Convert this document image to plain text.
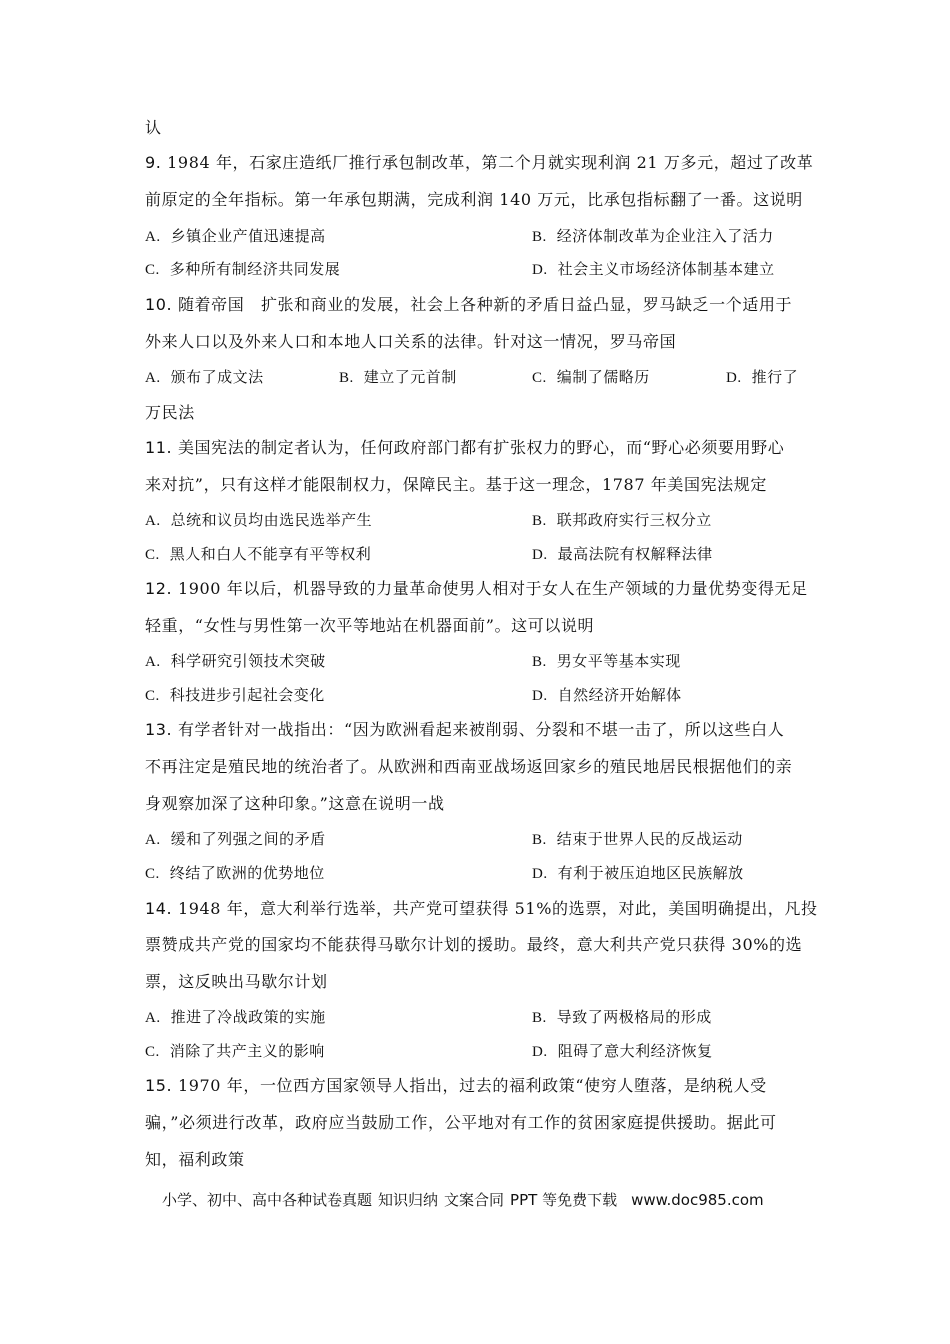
认
9. 1984 年，石家庄造纸厂推行承包制改革，第二个月就实现利润 21 万多元，超过了改革
前原定的全年指标。第一年承包期满，完成利润 140 万元，比承包指标翻了一番。这说明
A. 乡镇企业产值迅速提高	B. 经济体制改革为企业注入了活力
C. 多种所有制经济共同发展	D. 社会主义市场经济体制基本建立
10. 随着帝国　扩张和商业的发展，社会上各种新的矛盾日益凸显，罗马缺乏一个适用于
外来人口以及外来人口和本地人口关系的法律。针对这一情况，罗马帝国
A. 颁布了成文法	B. 建立了元首制	C. 编制了儒略历	D. 推行了
万民法
11. 美国宪法的制定者认为，任何政府部门都有扩张权力的野心，而“野心必须要用野心
来对抗”，只有这样才能限制权力，保障民主。基于这一理念，1787 年美国宪法规定
A. 总统和议员均由选民选举产生	B. 联邦政府实行三权分立
C. 黑人和白人不能享有平等权利	D. 最高法院有权解释法律
12. 1900 年以后，机器导致的力量革命使男人相对于女人在生产领域的力量优势变得无足
轻重，“女性与男性第一次平等地站在机器面前”。这可以说明
A. 科学研究引领技术突破	B. 男女平等基本实现
C. 科技进步引起社会变化	D. 自然经济开始解体
13. 有学者针对一战指出：“因为欧洲看起来被削弱、分裂和不堪一击了，所以这些白人
不再注定是殖民地的统治者了。从欧洲和西南亚战场返回家乡的殖民地居民根据他们的亲
身观察加深了这种印象。”这意在说明一战
A. 缓和了列强之间的矛盾	B. 结束于世界人民的反战运动
C. 终结了欧洲的优势地位	D. 有利于被压迫地区民族解放
14. 1948 年，意大利举行选举，共产党可望获得 51%的选票，对此，美国明确提出，凡投
票赞成共产党的国家均不能获得马歇尔计划的援助。最终，意大利共产党只获得 30%的选
票，这反映出马歇尔计划
A. 推进了冷战政策的实施	B. 导致了两极格局的形成
C. 消除了共产主义的影响	D. 阻碍了意大利经济恢复
15. 1970 年，一位西方国家领导人指出，过去的福利政策“使穷人堕落，是纳税人受
骗，”必须进行改革，政府应当鼓励工作，公平地对有工作的贫困家庭提供援助。据此可
知，福利政策
小学、初中、高中各种试卷真题 知识归纳 文案合同 PPT 等免费下载 www.doc985.com
